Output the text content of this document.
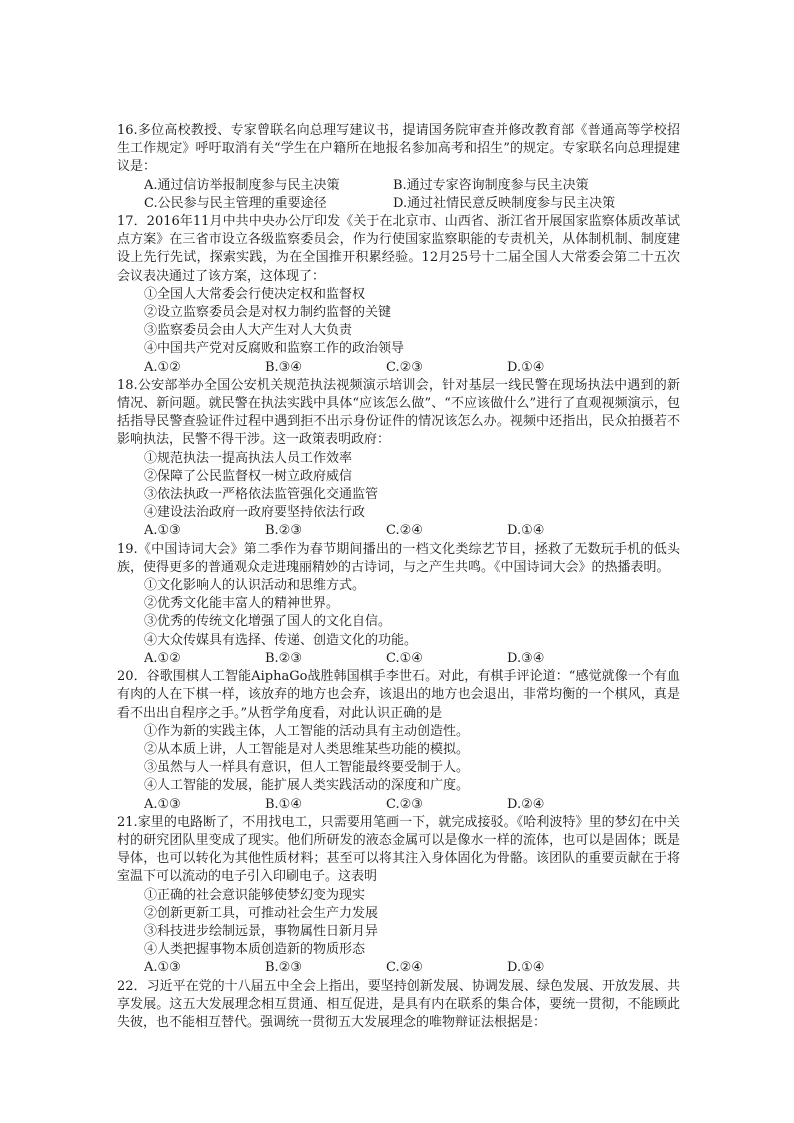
16.多位高校教授、专家曾联名向总理写建议书，提请国务院审查并修改教育部《普通高等学校招生工作规定》呼吁取消有关“学生在户籍所在地报名参加高考和招生”的规定。专家联名向总理提建议是：

A.通过信访举报制度参与民主决策	B.通过专家咨询制度参与民主决策
C.公民参与民主管理的重要途径	D.通过社情民意反映制度参与民主决策

17．2016年11月中共中央办公厅印发《关于在北京市、山西省、浙江省开展国家监察体质改革试点方案》在三省市设立各级监察委员会，作为行使国家监察职能的专责机关，从体制机制、制度建设上先行先试，探索实践，为在全国推开积累经验。12月25号十二届全国人大常委会第二十五次会议表决通过了该方案，这体现了：

①全国人大常委会行使决定权和监督权

②设立监察委员会是对权力制约监督的关键

③监察委员会由人大产生对人大负责

④中国共产党对反腐败和监察工作的政治领导

A.①②	B.③④	C.②③	D.①④

18.公安部举办全国公安机关规范执法视频演示培训会，针对基层一线民警在现场执法中遇到的新情况、新问题。就民警在执法实践中具体“应该怎么做”、“不应该做什么”进行了直观视频演示，包括指导民警查验证件过程中遇到拒不出示身份证件的情况该怎么办。视频中还指出，民众拍摄若不影响执法，民警不得干涉。这一政策表明政府：

①规范执法一提高执法人员工作效率

②保障了公民监督权一树立政府威信

③依法执政一严格依法监管强化交通监管

④建设法治政府一政府要坚持依法行政

A.①③	B.②③	C.②④	D.①④

19.《中国诗词大会》第二季作为春节期间播出的一档文化类综艺节目，拯救了无数玩手机的低头族，使得更多的普通观众走进瑰丽精妙的古诗词，与之产生共鸣。《中国诗词大会》的热播表明。

①文化影响人的认识活动和思维方式。

②优秀文化能丰富人的精神世界。

③优秀的传统文化增强了国人的文化自信。

④大众传媒具有选择、传递、创造文化的功能。

A.①②	B.②③	C.①④	D.③④

20．谷歌围棋人工智能AiphaGo战胜韩国棋手李世石。对此，有棋手评论道：“感觉就像一个有血有肉的人在下棋一样，该放弃的地方也会弃，该退出的地方也会退出，非常均衡的一个棋风，真是看不出出自程序之手。”从哲学角度看，对此认识正确的是

①作为新的实践主体，人工智能的活动具有主动创造性。

②从本质上讲，人工智能是对人类思维某些功能的模拟。

③虽然与人一样具有意识，但人工智能最终要受制于人。

④人工智能的发展，能扩展人类实践活动的深度和广度。

A.①③	B.①④	C.②③	D.②④

21.家里的电路断了，不用找电工，只需要用笔画一下，就完成接驳。《哈利波特》里的梦幻在中关村的研究团队里变成了现实。他们所研发的液态金属可以是像水一样的流体，也可以是固体；既是导体，也可以转化为其他性质材料；甚至可以将其注入身体固化为骨骼。该团队的重要贡献在于将室温下可以流动的电子引入印刷电子。这表明

①正确的社会意识能够使梦幻变为现实

②创新更新工具，可推动社会生产力发展

③科技进步绘制远景，事物属性日新月异

④人类把握事物本质创造新的物质形态

A.①③	B.②③	C.②④	D.①④

22．习近平在党的十八届五中全会上指出，要坚持创新发展、协调发展、绿色发展、开放发展、共享发展。这五大发展理念相互贯通、相互促进，是具有内在联系的集合体，要统一贯彻，不能顾此失彼，也不能相互替代。强调统一贯彻五大发展理念的唯物辩证法根据是：
